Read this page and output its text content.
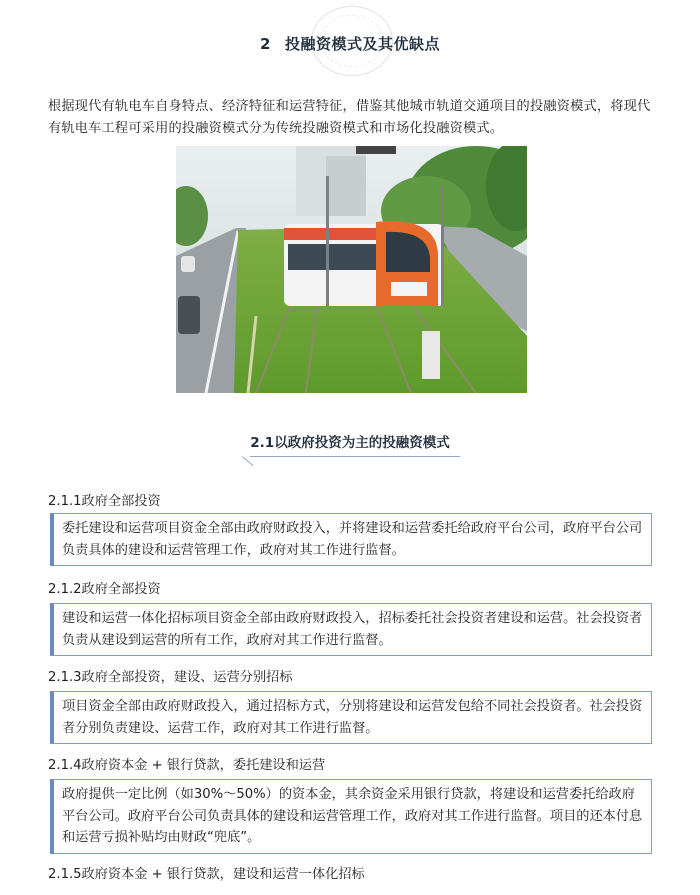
2 投融资模式及其优缺点

根据现代有轨电车自身特点、经济特征和运营特征，借鉴其他城市轨道交通项目的投融资模式，将现代有轨电车工程可采用的投融资模式分为传统投融资模式和市场化投融资模式。

2.1以政府投资为主的投融资模式
2.1.1政府全部投资
委托建设和运营项目资金全部由政府财政投入，并将建设和运营委托给政府平台公司，政府平台公司负责具体的建设和运营管理工作，政府对其工作进行监督。
2.1.2政府全部投资
建设和运营一体化招标项目资金全部由政府财政投入，招标委托社会投资者建设和运营。社会投资者负责从建设到运营的所有工作，政府对其工作进行监督。
2.1.3政府全部投资，建设、运营分别招标
项目资金全部由政府财政投入，通过招标方式，分别将建设和运营发包给不同社会投资者。社会投资者分别负责建设、运营工作，政府对其工作进行监督。
2.1.4政府资本金 + 银行贷款，委托建设和运营
政府提供一定比例（如30%～50%）的资本金，其余资金采用银行贷款，将建设和运营委托给政府平台公司。政府平台公司负责具体的建设和运营管理工作，政府对其工作进行监督。项目的还本付息和运营亏损补贴均由财政“兜底”。
2.1.5政府资本金 + 银行贷款，建设和运营一体化招标
